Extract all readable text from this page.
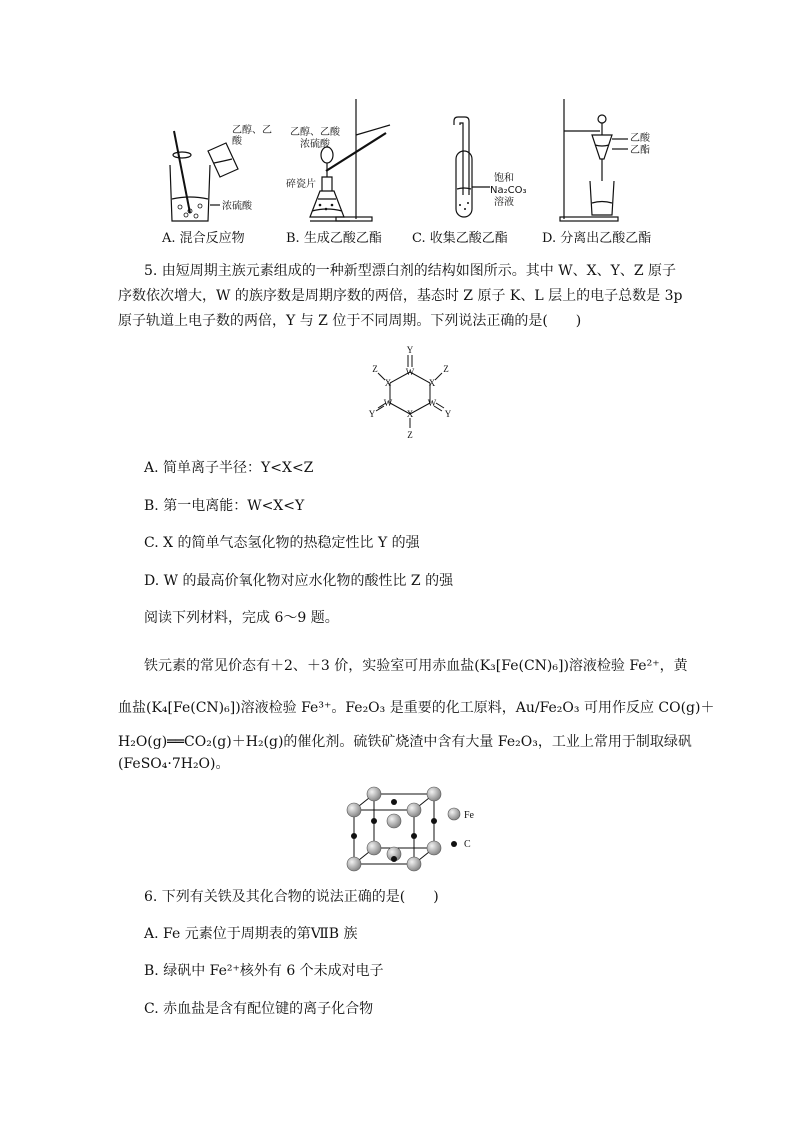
乙醇、乙酸
浓硫酸
乙醇、乙酸
浓硫酸
碎瓷片
饱和
Na₂CO₃
溶液
乙酸
乙酯
A. 混合反应物	B. 生成乙酸乙酯 C. 收集乙酸乙酯	D. 分离出乙酸乙酯
5. 由短周期主族元素组成的一种新型漂白剂的结构如图所示。其中 W、X、Y、Z 原子
序数依次增大，W 的族序数是周期序数的两倍，基态时 Z 原子 K、L 层上的电子总数是 3p
原子轨道上电子数的两倍，Y 与 Z 位于不同周期。下列说法正确的是(　　)
Y
W
X
W
X
W
X
Z	Z
Y	Y
Z
A. 简单离子半径：Y<X<Z
B. 第一电离能：W<X<Y
C. X 的简单气态氢化物的热稳定性比 Y 的强
D. W 的最高价氧化物对应水化物的酸性比 Z 的强
阅读下列材料，完成 6～9 题。
铁元素的常见价态有＋2、＋3 价，实验室可用赤血盐(K₃[Fe(CN)₆])溶液检验 Fe²⁺，黄
血盐(K₄[Fe(CN)₆])溶液检验 Fe³⁺。Fe₂O₃ 是重要的化工原料，Au/Fe₂O₃ 可用作反应 CO(g)＋
H₂O(g)══CO₂(g)＋H₂(g)的催化剂。硫铁矿烧渣中含有大量 Fe₂O₃，工业上常用于制取绿矾
(FeSO₄·7H₂O)。
Fe
C
6. 下列有关铁及其化合物的说法正确的是(　　)
A. Fe 元素位于周期表的第ⅦB 族
B. 绿矾中 Fe²⁺核外有 6 个未成对电子
C. 赤血盐是含有配位键的离子化合物
